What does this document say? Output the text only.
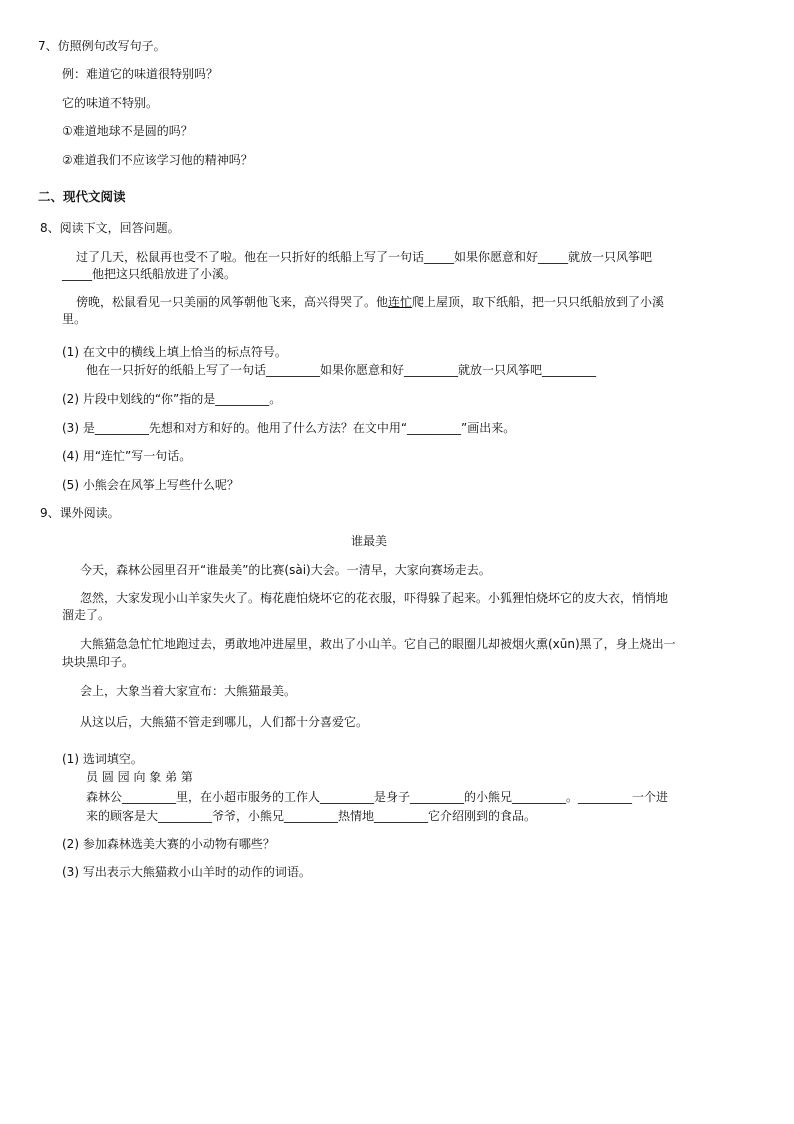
7、仿照例句改写句子。
例：难道它的味道很特别吗？
它的味道不特别。
①难道地球不是圆的吗？
②难道我们不应该学习他的精神吗？
二、现代文阅读
8、阅读下文，回答问题。
过了几天，松鼠再也受不了啦。他在一只折好的纸船上写了一句话_____如果你愿意和好_____就放一只风筝吧
_____他把这只纸船放进了小溪。
傍晚，松鼠看见一只美丽的风筝朝他飞来，高兴得哭了。他连忙爬上屋顶，取下纸船，把一只只纸船放到了小溪
里。
(1) 在文中的横线上填上恰当的标点符号。
他在一只折好的纸船上写了一句话_________如果你愿意和好_________就放一只风筝吧_________
(2) 片段中划线的“你”指的是_________。
(3) 是_________先想和对方和好的。他用了什么方法？在文中用“_________”画出来。
(4) 用“连忙”写一句话。
(5) 小熊会在风筝上写些什么呢？
9、课外阅读。
谁最美
今天，森林公园里召开“谁最美”的比赛(sài)大会。一清早，大家向赛场走去。
忽然，大家发现小山羊家失火了。梅花鹿怕烧坏它的花衣服，吓得躲了起来。小狐狸怕烧坏它的皮大衣，悄悄地
溜走了。
大熊猫急急忙忙地跑过去，勇敢地冲进屋里，救出了小山羊。它自己的眼圈儿却被烟火熏(xūn)黑了，身上烧出一
块块黑印子。
会上，大象当着大家宣布：大熊猫最美。
从这以后，大熊猫不管走到哪儿，人们都十分喜爱它。
(1) 选词填空。
员 圆 园 向 象 弟 第
森林公_________里，在小超市服务的工作人_________是身子_________的小熊兄_________。_________一个进
来的顾客是大_________爷爷，小熊兄_________热情地_________它介绍刚到的食品。
(2) 参加森林选美大赛的小动物有哪些？
(3) 写出表示大熊猫救小山羊时的动作的词语。
